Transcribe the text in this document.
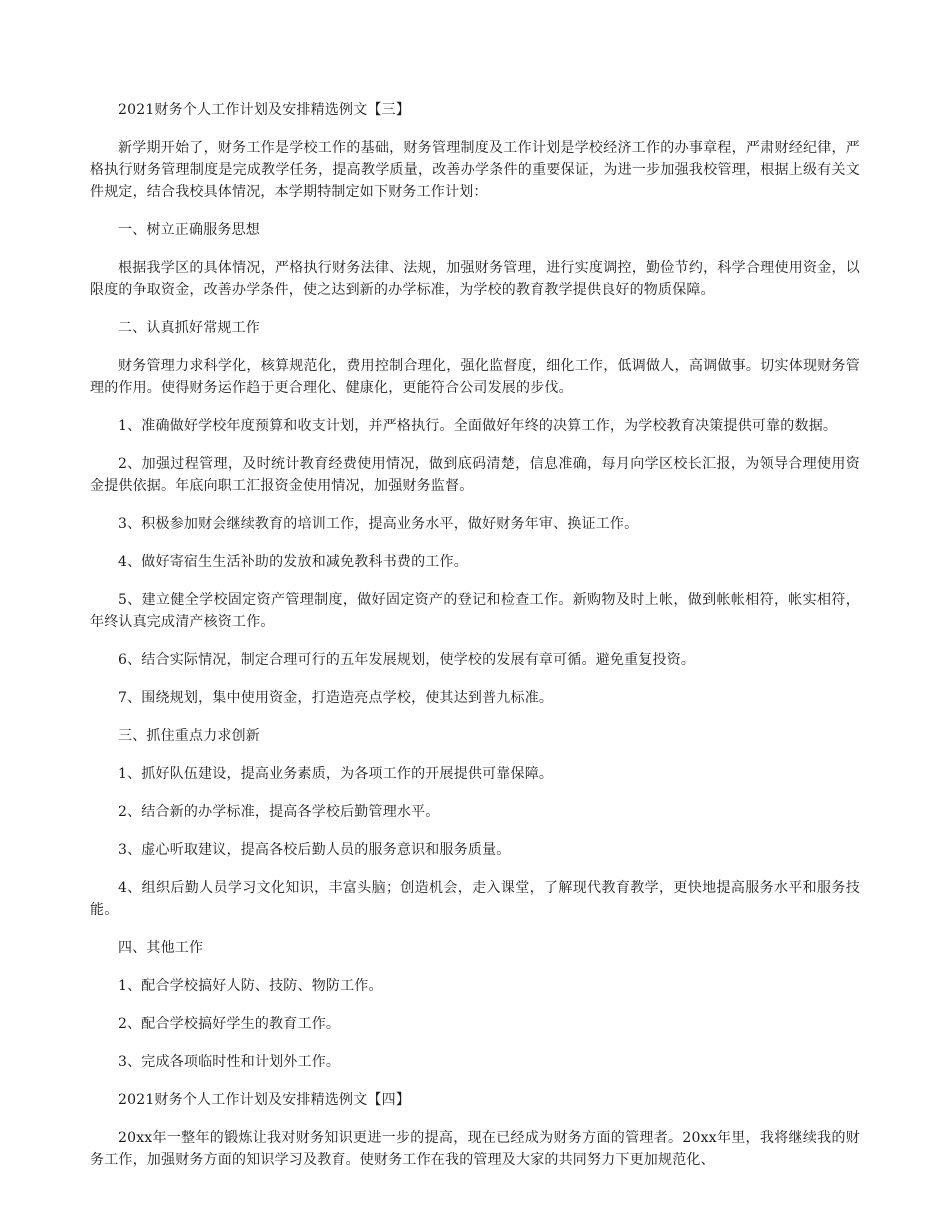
2021财务个人工作计划及安排精选例文【三】

新学期开始了，财务工作是学校工作的基础，财务管理制度及工作计划是学校经济工作的办事章程，严肃财经纪律，严格执行财务管理制度是完成教学任务，提高教学质量，改善办学条件的重要保证，为进一步加强我校管理，根据上级有关文件规定，结合我校具体情况，本学期特制定如下财务工作计划：

一、树立正确服务思想

根据我学区的具体情况，严格执行财务法律、法规，加强财务管理，进行实度调控，勤俭节约，科学合理使用资金，以限度的争取资金，改善办学条件，使之达到新的办学标准，为学校的教育教学提供良好的物质保障。

二、认真抓好常规工作

财务管理力求科学化，核算规范化，费用控制合理化，强化监督度，细化工作，低调做人，高调做事。切实体现财务管理的作用。使得财务运作趋于更合理化、健康化，更能符合公司发展的步伐。

1、准确做好学校年度预算和收支计划，并严格执行。全面做好年终的决算工作，为学校教育决策提供可靠的数据。

2、加强过程管理，及时统计教育经费使用情况，做到底码清楚，信息准确，每月向学区校长汇报，为领导合理使用资金提供依据。年底向职工汇报资金使用情况，加强财务监督。

3、积极参加财会继续教育的培训工作，提高业务水平，做好财务年审、换证工作。

4、做好寄宿生生活补助的发放和减免教科书费的工作。

5、建立健全学校固定资产管理制度，做好固定资产的登记和检查工作。新购物及时上帐，做到帐帐相符，帐实相符，年终认真完成清产核资工作。

6、结合实际情况，制定合理可行的五年发展规划，使学校的发展有章可循。避免重复投资。

7、围绕规划，集中使用资金，打造造亮点学校，使其达到普九标准。

三、抓住重点力求创新

1、抓好队伍建设，提高业务素质，为各项工作的开展提供可靠保障。

2、结合新的办学标准，提高各学校后勤管理水平。

3、虚心听取建议，提高各校后勤人员的服务意识和服务质量。

4、组织后勤人员学习文化知识，丰富头脑；创造机会，走入课堂，了解现代教育教学，更快地提高服务水平和服务技能。

四、其他工作

1、配合学校搞好人防、技防、物防工作。

2、配合学校搞好学生的教育工作。

3、完成各项临时性和计划外工作。

2021财务个人工作计划及安排精选例文【四】

20xx年一整年的锻炼让我对财务知识更进一步的提高，现在已经成为财务方面的管理者。20xx年里，我将继续我的财务工作，加强财务方面的知识学习及教育。使财务工作在我的管理及大家的共同努力下更加规范化、
